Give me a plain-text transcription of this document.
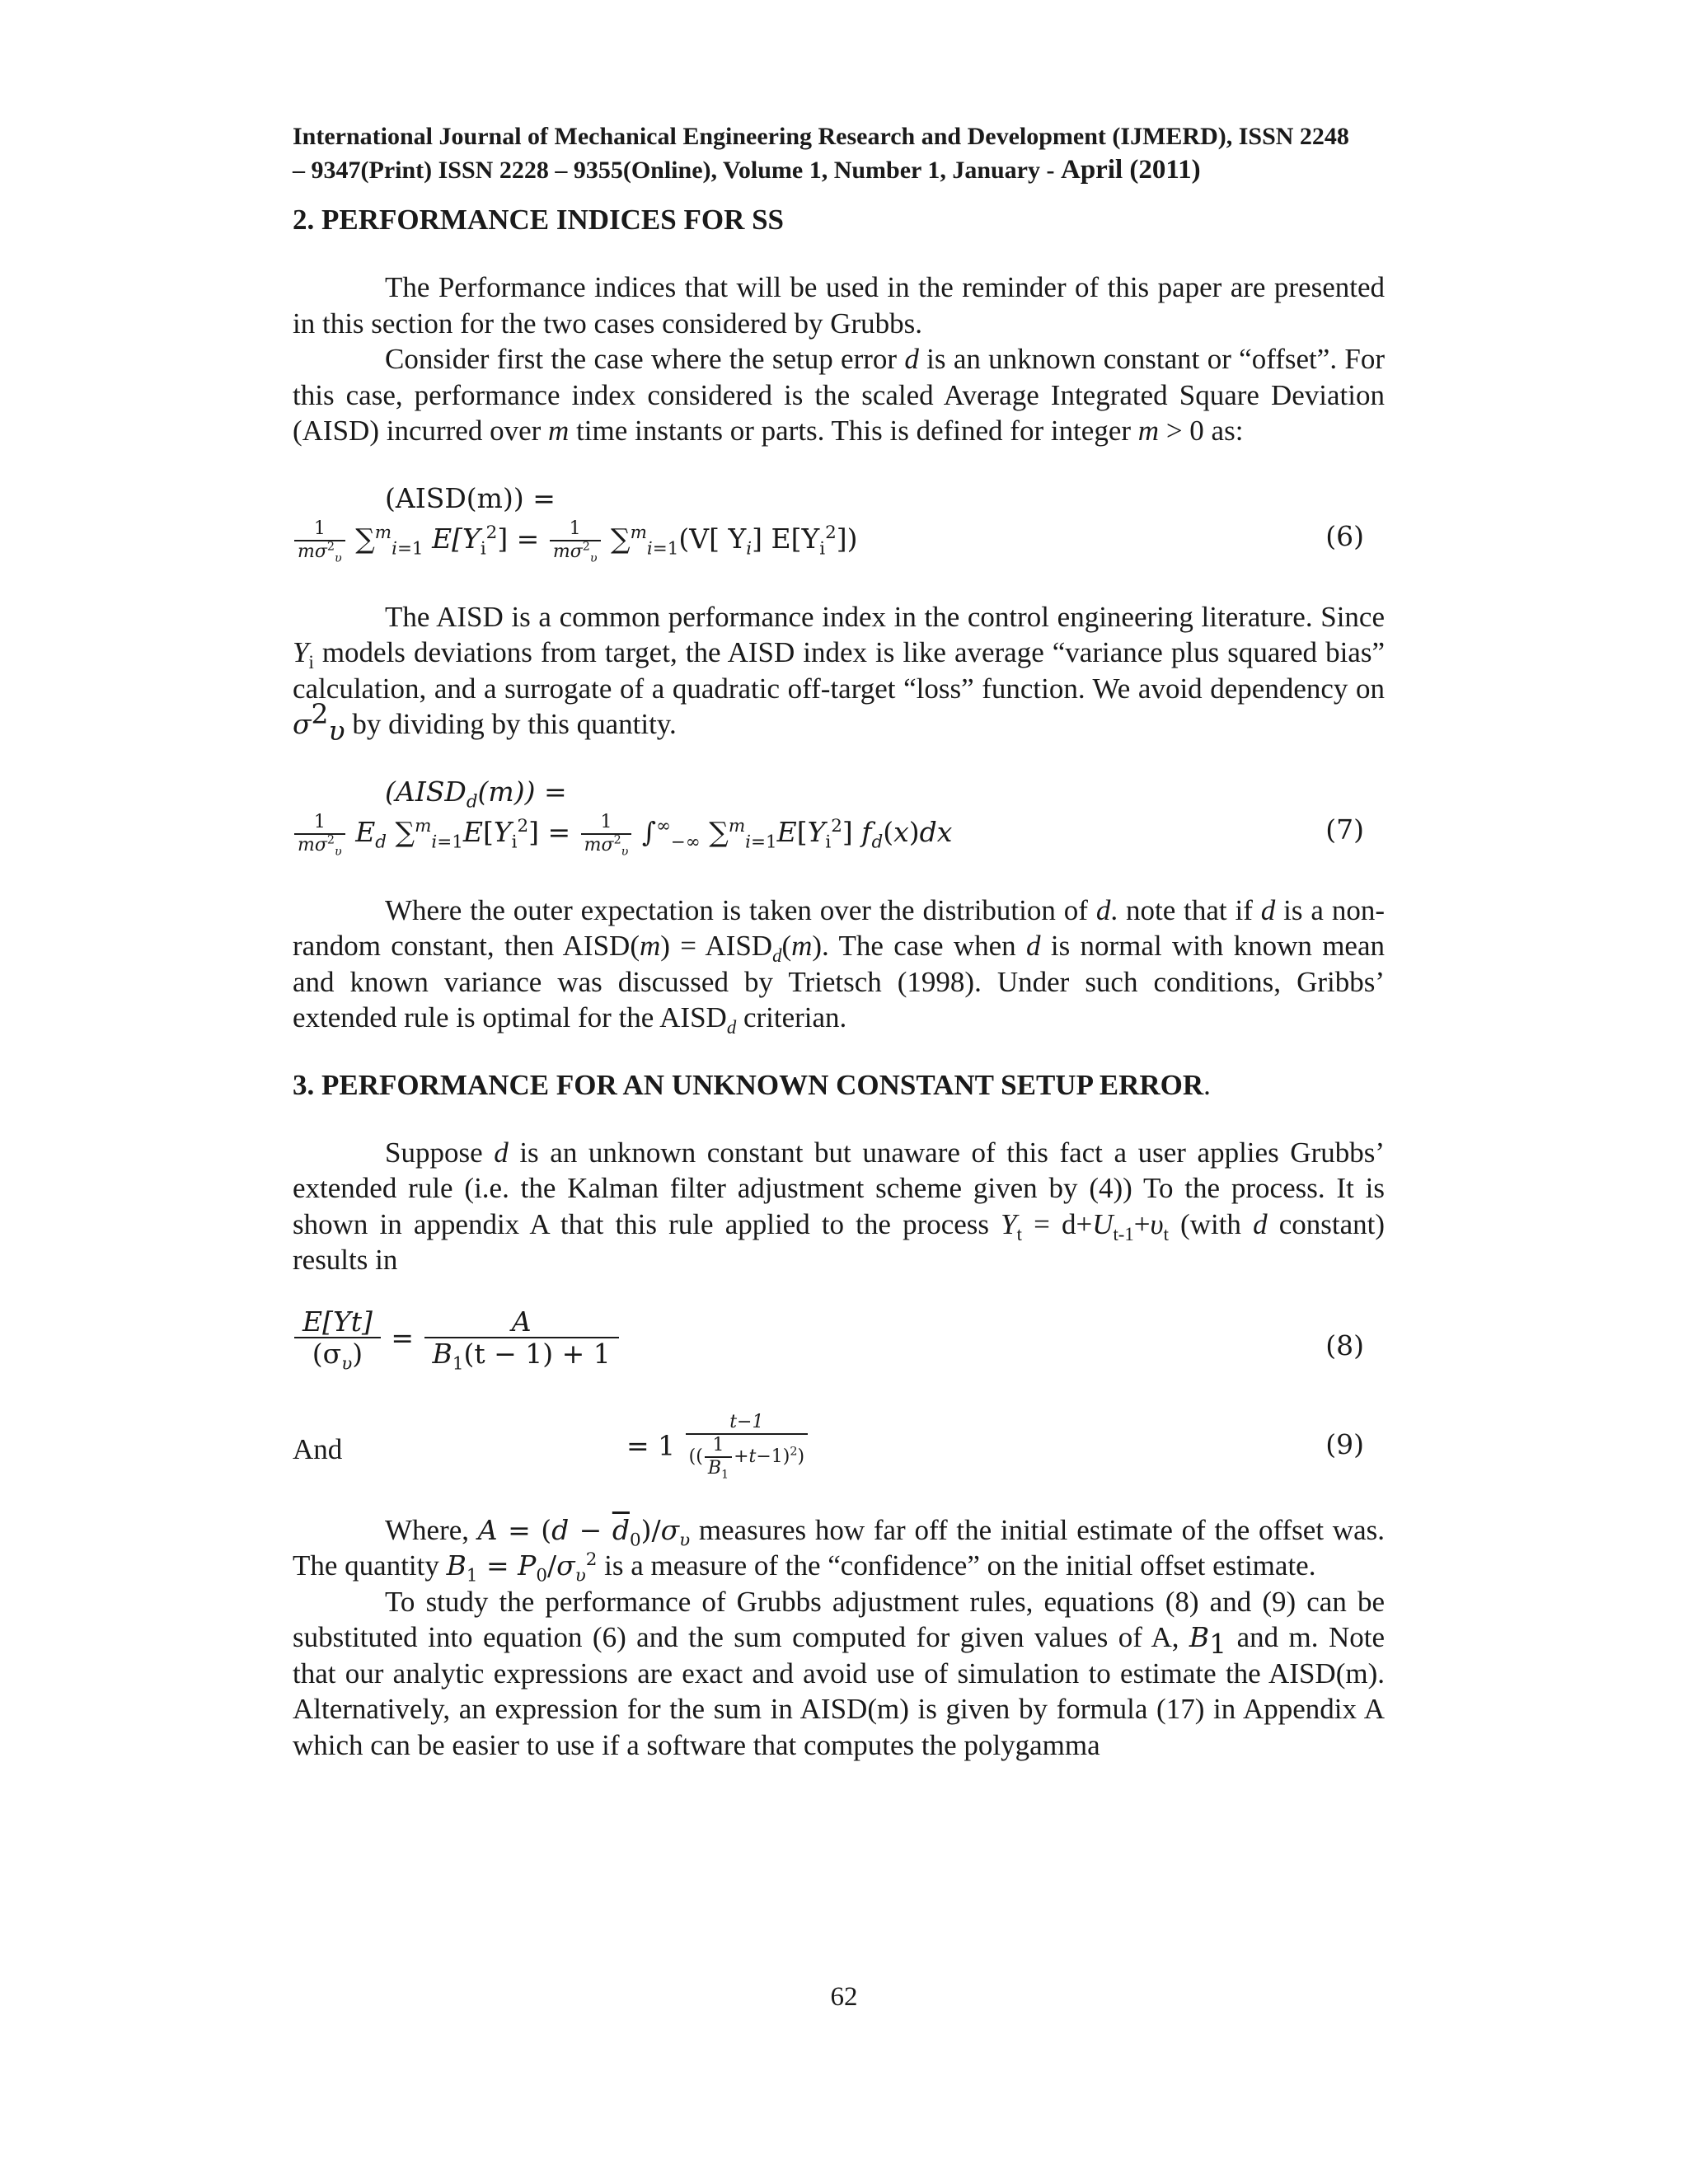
International Journal of Mechanical Engineering Research and Development (IJMERD), ISSN 2248
– 9347(Print) ISSN 2228 – 9355(Online), Volume 1, Number 1, January - April (2011)

2. PERFORMANCE INDICES FOR SS

The Performance indices that will be used in the reminder of this paper are presented in this section for the two cases considered by Grubbs.

Consider first the case where the setup error d is an unknown constant or “offset”. For this case, performance index considered is the scaled Average Integrated Square Deviation (AISD) incurred over m time instants or parts. This is defined for integer m > 0 as:

(AISD(m)) =
$\frac{1}{m\sigma^2_\upsilon} \sum^m_{i=1}$ $E[Y_i^2] = \frac{1}{m\sigma^2_\upsilon} \sum^m_{i=1}(V$[ $Y_i$] $E[Y_i^2]$)	(6)

The AISD is a common performance index in the control engineering literature. Since $Y_i$ models deviations from target, the AISD index is like average “variance plus squared bias” calculation, and a surrogate of a quadratic off-target “loss” function. We avoid dependency on $\sigma^2_\upsilon$ by dividing by this quantity.

$(AISD_d(m))$ =
$\frac{1}{m\sigma^2_\upsilon} E_d$ $\sum^m_{i=1}E[Y_i^2] = \frac{1}{m\sigma^2_\upsilon} \int^\infty_{-\infty}$ $\sum^m_{i=1}E[Y_i^2]$ $f_d(x)dx$	(7)

Where the outer expectation is taken over the distribution of d. note that if d is a non-random constant, then AISD(m) = $AISD_d(m)$. The case when d is normal with known mean and known variance was discussed by Trietsch (1998). Under such conditions, Gribbs’ extended rule is optimal for the $AISD_d$ criterian.

3. PERFORMANCE FOR AN UNKNOWN CONSTANT SETUP ERROR.

Suppose d is an unknown constant but unaware of this fact a user applies Grubbs’ extended rule (i.e. the Kalman filter adjustment scheme given by (4)) To the process. It is shown in appendix A that this rule applied to the process $Y_t = d+U_{t-1}+\upsilon_t$ (with d constant) results in

$\frac{E[Yt]}{(\sigma_\upsilon)} = \frac{A}{B_1(t - 1) + 1}$	(8)
And	= $1 \frac{t-1}{(( \frac{1}{B_1} +t-1)^2)}$	(9)

Where, $A = (d - \overline{d}_0)/\sigma_\upsilon$ measures how far off the initial estimate of the offset was. The quantity $B_1 = P_0/\sigma_\upsilon^2$ is a measure of the “confidence” on the initial offset estimate.

To study the performance of Grubbs adjustment rules, equations (8) and (9) can be substituted into equation (6) and the sum computed for given values of A, $B_1$ and m. Note that our analytic expressions are exact and avoid use of simulation to estimate the AISD(m). Alternatively, an expression for the sum in AISD(m) is given by formula (17) in Appendix A which can be easier to use if a software that computes the polygamma

62
